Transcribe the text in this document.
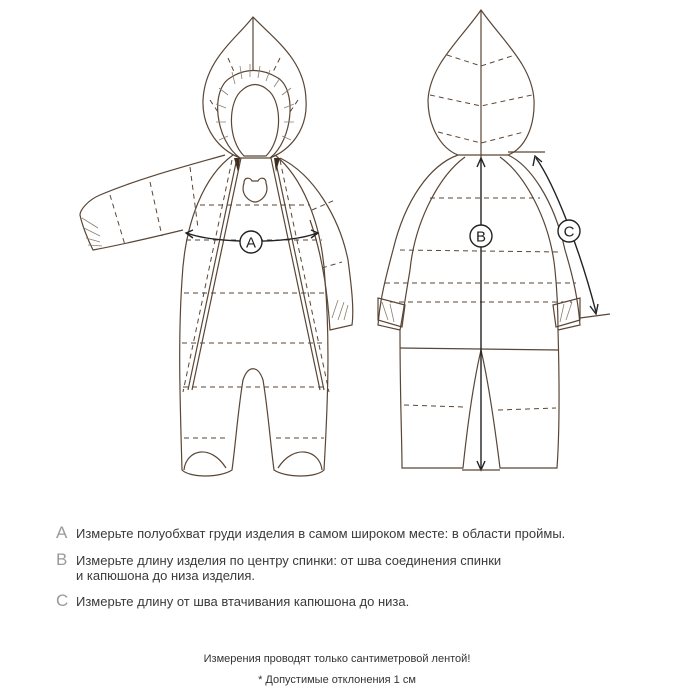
A	B	C
A Измерьте полуобхват груди изделия в самом широком месте: в области проймы.
B Измерьте длину изделия по центру спинки: от шва соединения спинки
и капюшона до низа изделия.
C Измерьте длину от шва втачивания капюшона до низа.
Измерения проводят только сантиметровой лентой!
* Допустимые отклонения 1 см
